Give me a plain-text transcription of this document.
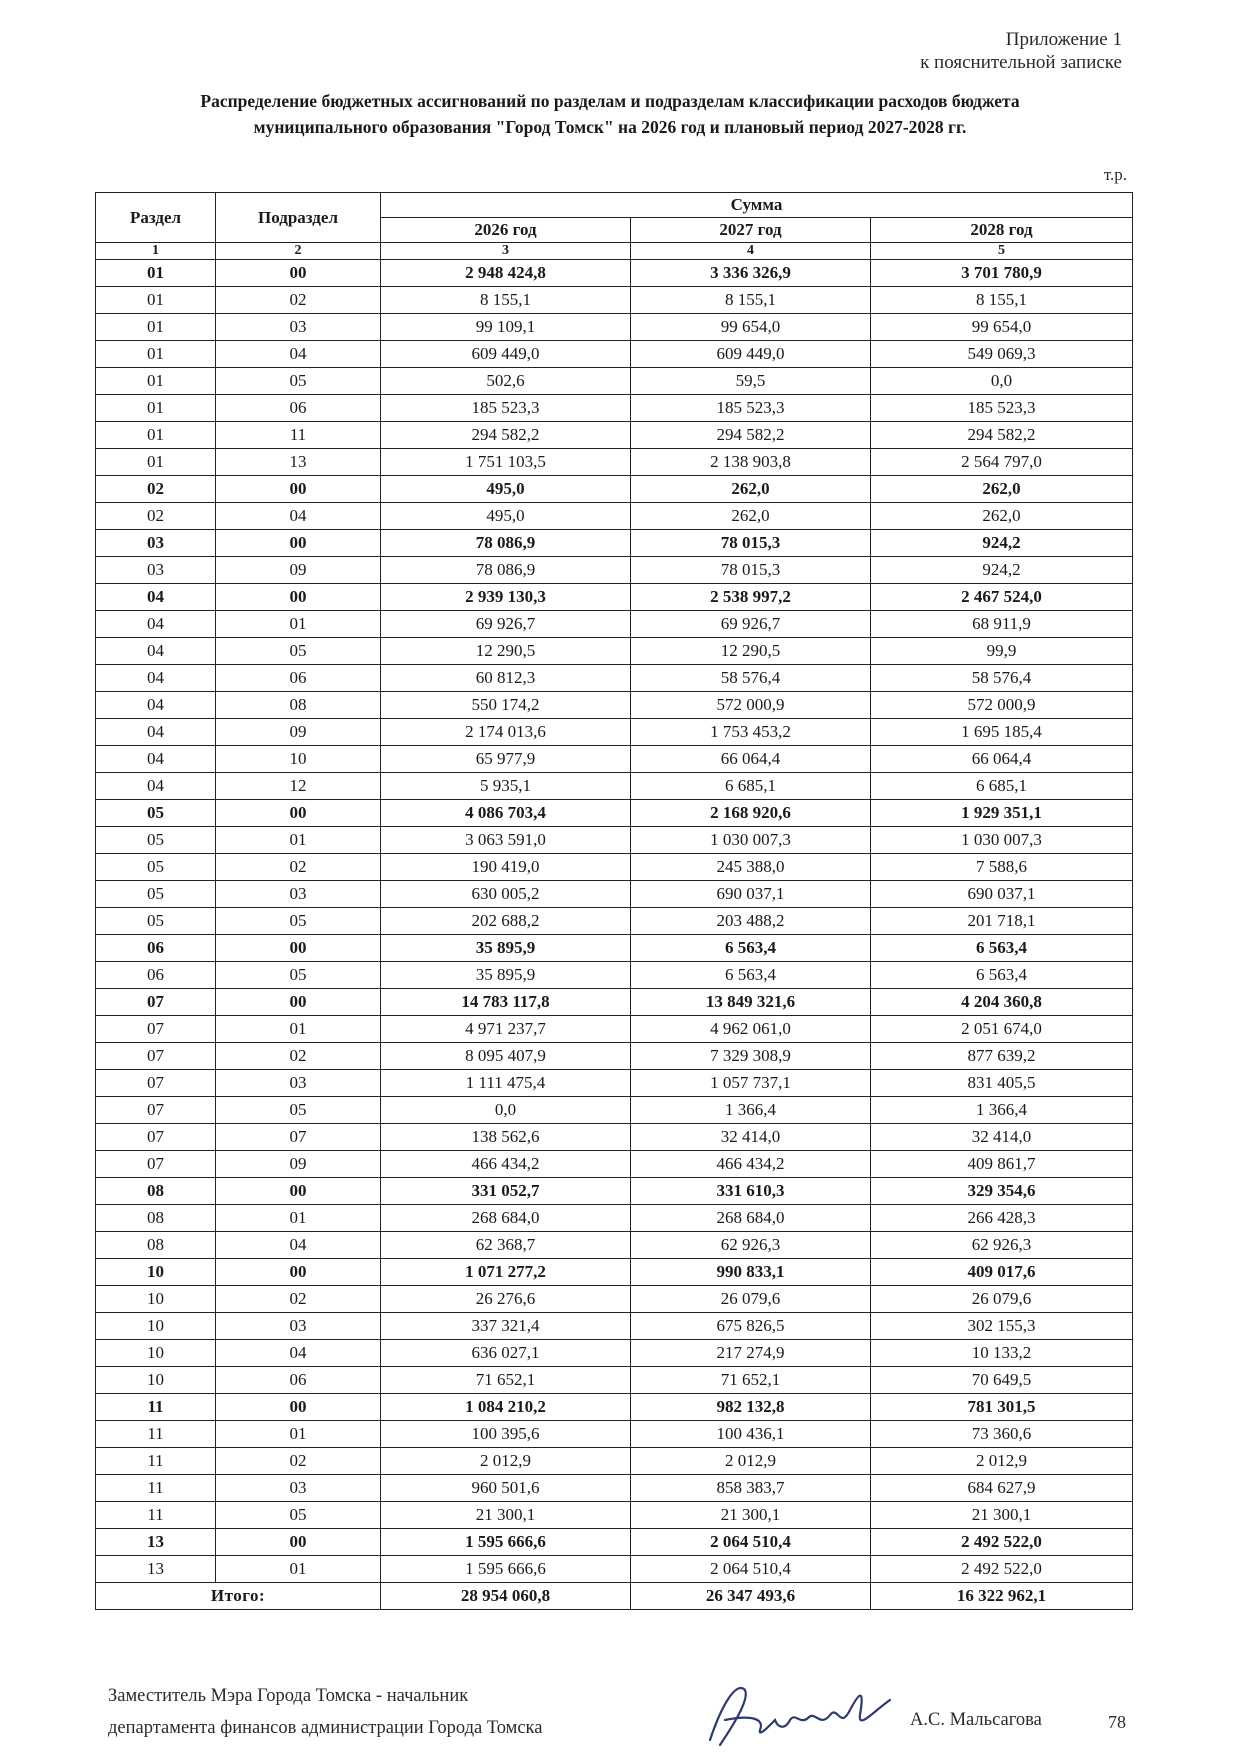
Приложение 1
к пояснительной записке
Распределение бюджетных ассигнований по разделам и подразделам классификации расходов бюджета
муниципального образования "Город Томск" на 2026 год и плановый период 2027-2028 гг.
т.р.
Раздел	Подраздел	Сумма		
		2026 год	2027 год	2028 год
1	2	3	4	5
01	00	2 948 424,8	3 336 326,9	3 701 780,9
01	02	8 155,1	8 155,1	8 155,1
01	03	99 109,1	99 654,0	99 654,0
01	04	609 449,0	609 449,0	549 069,3
01	05	502,6	59,5	0,0
01	06	185 523,3	185 523,3	185 523,3
01	11	294 582,2	294 582,2	294 582,2
01	13	1 751 103,5	2 138 903,8	2 564 797,0
02	00	495,0	262,0	262,0
02	04	495,0	262,0	262,0
03	00	78 086,9	78 015,3	924,2
03	09	78 086,9	78 015,3	924,2
04	00	2 939 130,3	2 538 997,2	2 467 524,0
04	01	69 926,7	69 926,7	68 911,9
04	05	12 290,5	12 290,5	99,9
04	06	60 812,3	58 576,4	58 576,4
04	08	550 174,2	572 000,9	572 000,9
04	09	2 174 013,6	1 753 453,2	1 695 185,4
04	10	65 977,9	66 064,4	66 064,4
04	12	5 935,1	6 685,1	6 685,1
05	00	4 086 703,4	2 168 920,6	1 929 351,1
05	01	3 063 591,0	1 030 007,3	1 030 007,3
05	02	190 419,0	245 388,0	7 588,6
05	03	630 005,2	690 037,1	690 037,1
05	05	202 688,2	203 488,2	201 718,1
06	00	35 895,9	6 563,4	6 563,4
06	05	35 895,9	6 563,4	6 563,4
07	00	14 783 117,8	13 849 321,6	4 204 360,8
07	01	4 971 237,7	4 962 061,0	2 051 674,0
07	02	8 095 407,9	7 329 308,9	877 639,2
07	03	1 111 475,4	1 057 737,1	831 405,5
07	05	0,0	1 366,4	1 366,4
07	07	138 562,6	32 414,0	32 414,0
07	09	466 434,2	466 434,2	409 861,7
08	00	331 052,7	331 610,3	329 354,6
08	01	268 684,0	268 684,0	266 428,3
08	04	62 368,7	62 926,3	62 926,3
10	00	1 071 277,2	990 833,1	409 017,6
10	02	26 276,6	26 079,6	26 079,6
10	03	337 321,4	675 826,5	302 155,3
10	04	636 027,1	217 274,9	10 133,2
10	06	71 652,1	71 652,1	70 649,5
11	00	1 084 210,2	982 132,8	781 301,5
11	01	100 395,6	100 436,1	73 360,6
11	02	2 012,9	2 012,9	2 012,9
11	03	960 501,6	858 383,7	684 627,9
11	05	21 300,1	21 300,1	21 300,1
13	00	1 595 666,6	2 064 510,4	2 492 522,0
13	01	1 595 666,6	2 064 510,4	2 492 522,0
Итого:		28 954 060,8	26 347 493,6	16 322 962,1
Заместитель Мэра Города Томска - начальник
департамента финансов администрации Города Томска	А.С. Мальсагова	78
